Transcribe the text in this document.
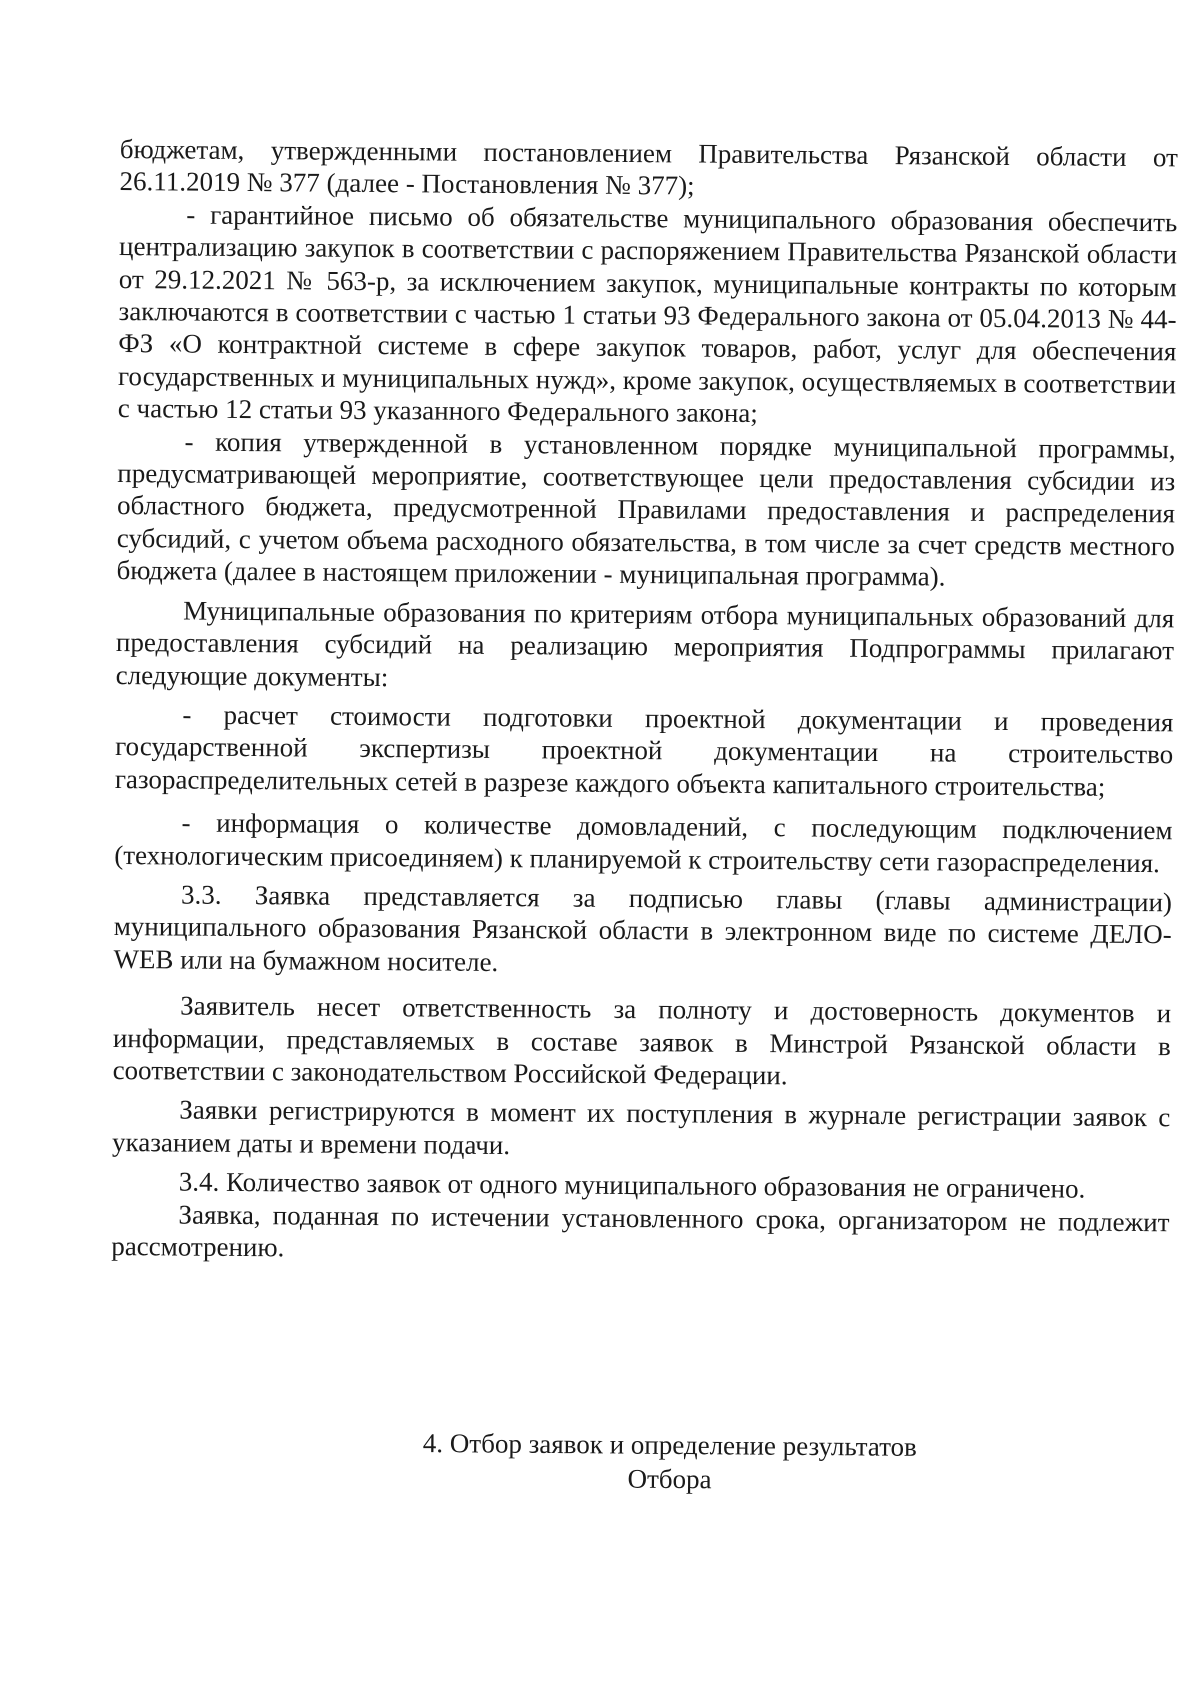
бюджетам, утвержденными постановлением Правительства Рязанской области от 26.11.2019 № 377 (далее - Постановления № 377);

- гарантийное письмо об обязательстве муниципального образования обеспечить централизацию закупок в соответствии с распоряжением Правительства Рязанской области от 29.12.2021 № 563-р, за исключением закупок, муниципальные контракты по которым заключаются в соответствии с частью 1 статьи 93 Федерального закона от 05.04.2013 № 44-ФЗ «О контрактной системе в сфере закупок товаров, работ, услуг для обеспечения государственных и муниципальных нужд», кроме закупок, осуществляемых в соответствии с частью 12 статьи 93 указанного Федерального закона;

- копия утвержденной в установленном порядке муниципальной программы, предусматривающей мероприятие, соответствующее цели предоставления субсидии из областного бюджета, предусмотренной Правилами предоставления и распределения субсидий, с учетом объема расходного обязательства, в том числе за счет средств местного бюджета (далее в настоящем приложении - муниципальная программа).

Муниципальные образования по критериям отбора муниципальных образований для предоставления субсидий на реализацию мероприятия Подпрограммы прилагают следующие документы:

- расчет стоимости подготовки проектной документации и проведения государственной экспертизы проектной документации на строительство газораспределительных сетей в разрезе каждого объекта капитального строительства;

- информация о количестве домовладений, с последующим подключением (технологическим присоединяем) к планируемой к строительству сети газораспределения.

3.3. Заявка представляется за подписью главы (главы администрации) муниципального образования Рязанской области в электронном виде по системе ДЕЛО-WEB или на бумажном носителе.

Заявитель несет ответственность за полноту и достоверность документов и информации, представляемых в составе заявок в Минстрой Рязанской области в соответствии с законодательством Российской Федерации.

Заявки регистрируются в момент их поступления в журнале регистрации заявок с указанием даты и времени подачи.

3.4. Количество заявок от одного муниципального образования не ограничено.

Заявка, поданная по истечении установленного срока, организатором не подлежит рассмотрению.

4. Отбор заявок и определение результатов
Отбора
